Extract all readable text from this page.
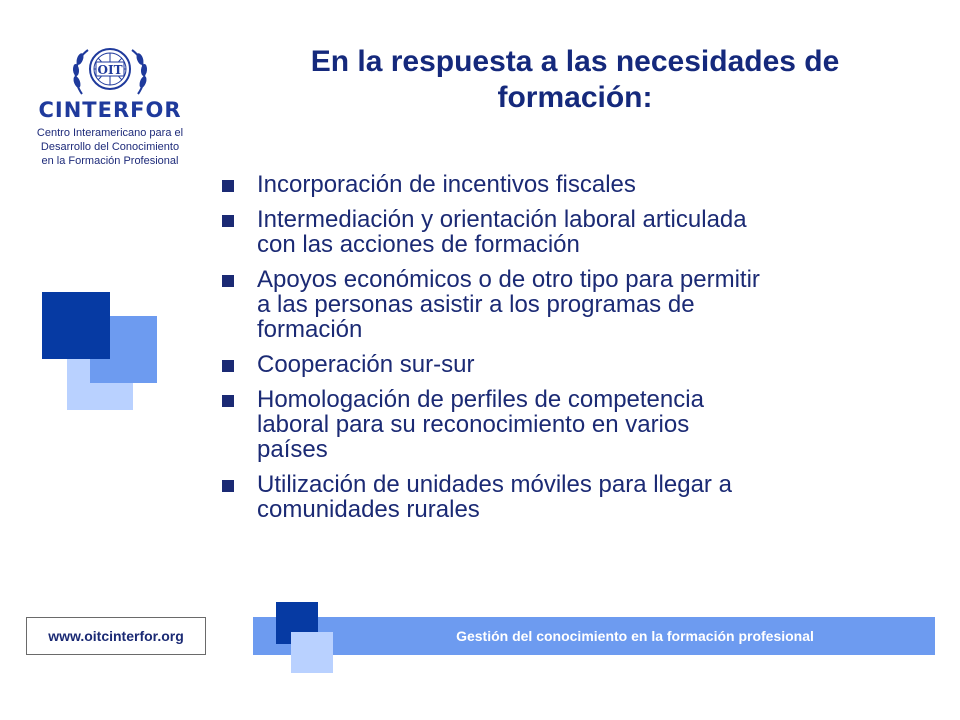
OIT
CINTERFOR
Centro Interamericano para el
Desarrollo del Conocimiento
en la Formación Profesional
En la respuesta a las necesidades de
formación:
Incorporación de incentivos fiscales
Intermediación y orientación laboral articulada
con las acciones de formación
Apoyos económicos o de otro tipo para permitir
a las personas asistir a los programas de
formación
Cooperación sur-sur
Homologación de perfiles de competencia
laboral para su reconocimiento en varios
países
Utilización de unidades móviles para llegar a
comunidades rurales
Gestión del conocimiento en la formación profesional
www.oitcinterfor.org
